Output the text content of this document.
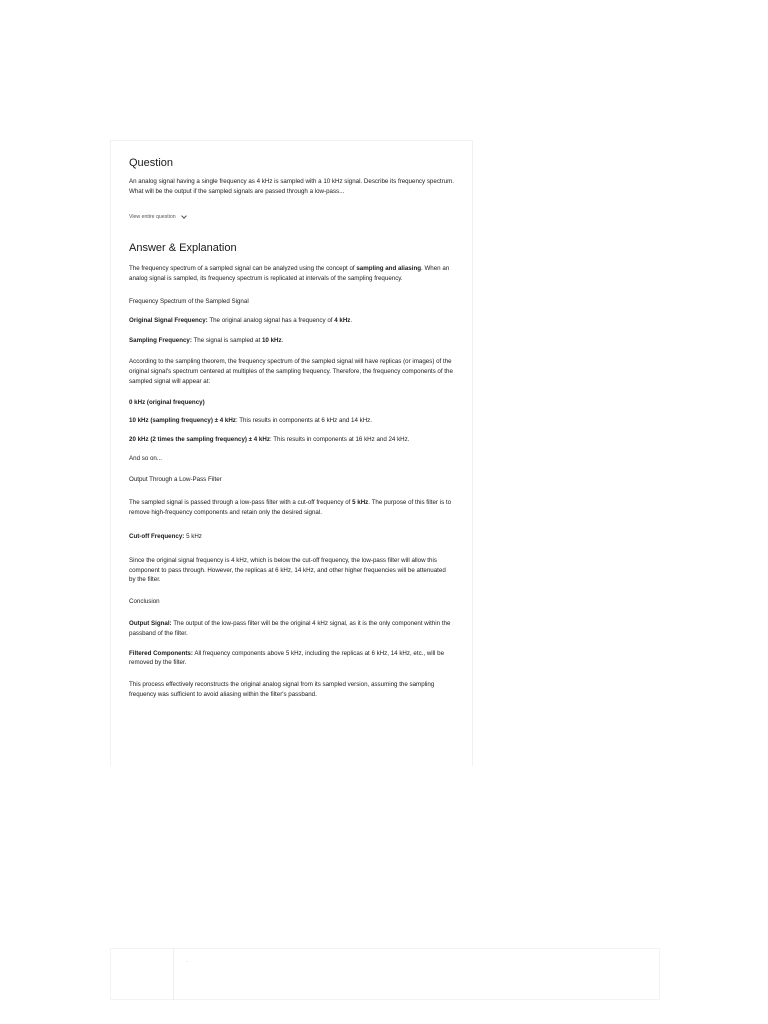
Question

An analog signal having a single frequency as 4 kHz is sampled with a 10 kHz signal. Describe its frequency spectrum. What will be the output if the sampled signals are passed through a low-pass...

View entire question
Answer & Explanation

The frequency spectrum of a sampled signal can be analyzed using the concept of sampling and aliasing. When an analog signal is sampled, its frequency spectrum is replicated at intervals of the sampling frequency.

Frequency Spectrum of the Sampled Signal

Original Signal Frequency: The original analog signal has a frequency of 4 kHz.

Sampling Frequency: The signal is sampled at 10 kHz.

According to the sampling theorem, the frequency spectrum of the sampled signal will have replicas (or images) of the original signal's spectrum centered at multiples of the sampling frequency. Therefore, the frequency components of the sampled signal will appear at:

0 kHz (original frequency)

10 kHz (sampling frequency) ± 4 kHz: This results in components at 6 kHz and 14 kHz.

20 kHz (2 times the sampling frequency) ± 4 kHz: This results in components at 16 kHz and 24 kHz.

And so on...

Output Through a Low-Pass Filter

The sampled signal is passed through a low-pass filter with a cut-off frequency of 5 kHz. The purpose of this filter is to remove high-frequency components and retain only the desired signal.

Cut-off Frequency: 5 kHz

Since the original signal frequency is 4 kHz, which is below the cut-off frequency, the low-pass filter will allow this component to pass through. However, the replicas at 6 kHz, 14 kHz, and other higher frequencies will be attenuated by the filter.

Conclusion

Output Signal: The output of the low-pass filter will be the original 4 kHz signal, as it is the only component within the passband of the filter.

Filtered Components: All frequency components above 5 kHz, including the replicas at 6 kHz, 14 kHz, etc., will be removed by the filter.

This process effectively reconstructs the original analog signal from its sampled version, assuming the sampling frequency was sufficient to avoid aliasing within the filter's passband.

..
